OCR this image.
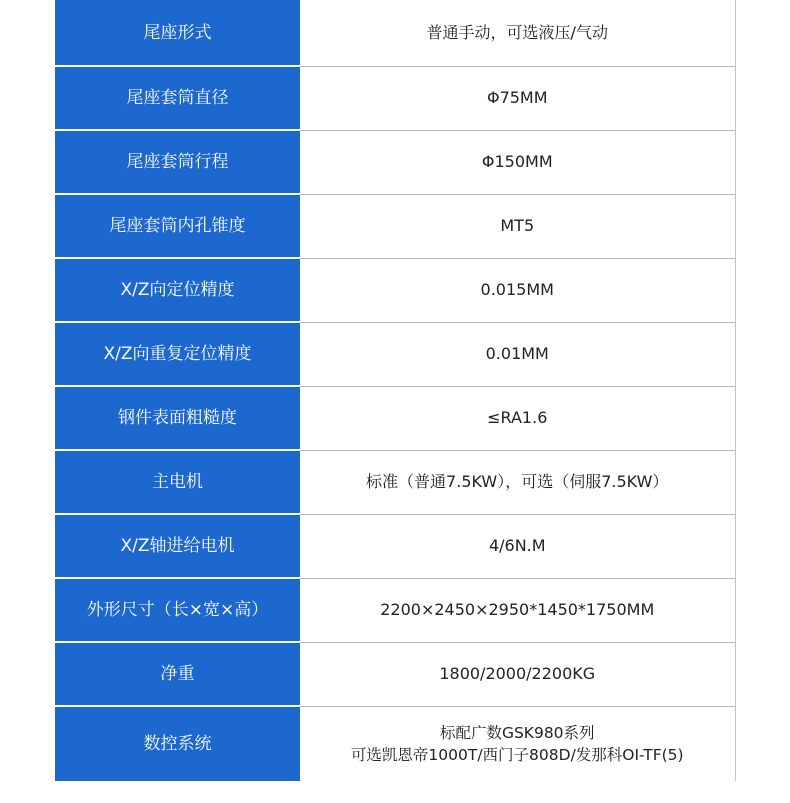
尾座形式	普通手动，可选液压/气动
尾座套筒直径	Φ75MM
尾座套筒行程	Φ150MM
尾座套筒内孔锥度	MT5
X/Z向定位精度	0.015MM
X/Z向重复定位精度	0.01MM
钢件表面粗糙度	≤RA1.6
主电机	标准（普通7.5KW），可选（伺服7.5KW）
X/Z轴进给电机	4/6N.M
外形尺寸（长×宽×高）	2200×2450×2950*1450*1750MM
净重	1800/2000/2200KG
数控系统	标配广数GSK980系列
可选凯恩帝1000T/西门子808D/发那科OI-TF(5)
